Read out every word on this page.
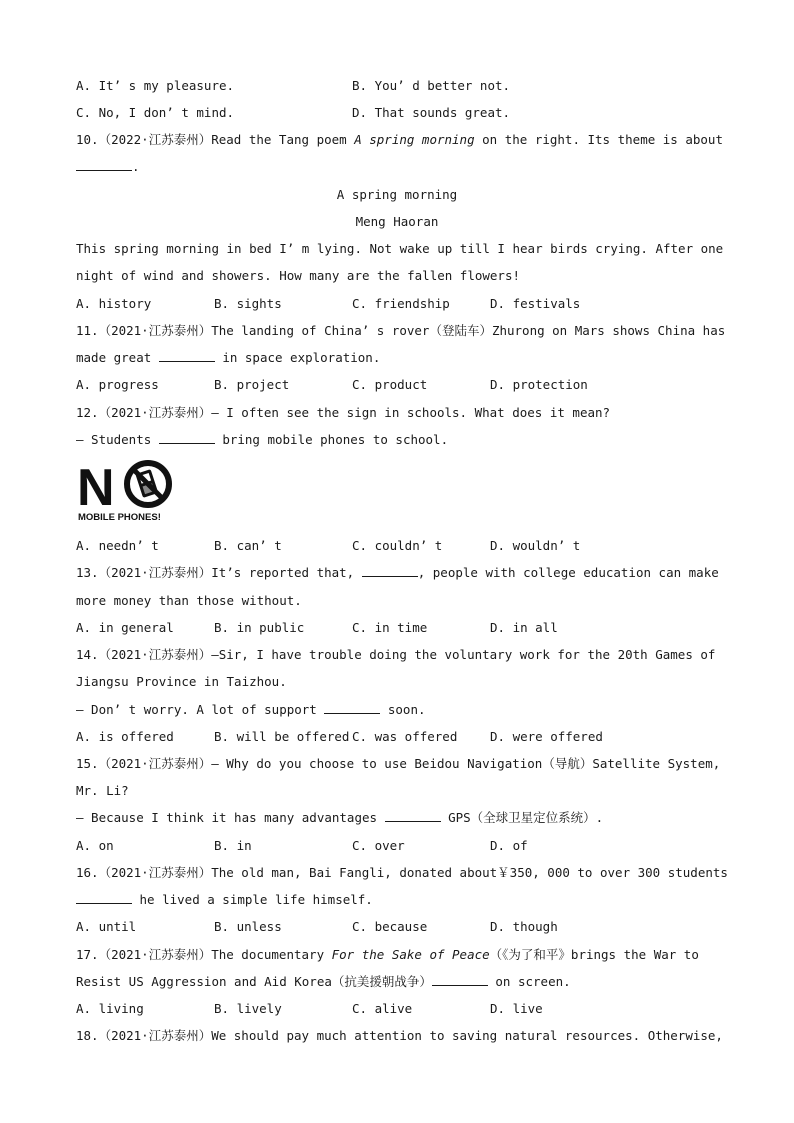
A. It’ s my pleasure.	B. You’ d better not.
C. No, I don’ t mind.	D. That sounds great.
10.（2022·江苏泰州）Read the Tang poem A spring morning on the right. Its theme is about
.
A spring morning
Meng Haoran
This spring morning in bed I’ m lying. Not wake up till I hear birds crying. After one
night of wind and showers. How many are the fallen flowers!
A. history	B. sights	C. friendship	D. festivals
11.（2021·江苏泰州）The landing of China’ s rover（登陆车）Zhurong on Mars shows China has
made great	in space exploration.
A. progress	B. project	C. product	D. protection
12.（2021·江苏泰州）— I often see the sign in schools. What does it mean?
— Students	bring mobile phones to school.
N
MOBILE PHONES!
A. needn’ t	B. can’ t	C. couldn’ t	D. wouldn’ t
13.（2021·江苏泰州）It’s reported that,	, people with college education can make
more money than those without.
A. in general	B. in public	C. in time	D. in all
14.（2021·江苏泰州）—Sir, I have trouble doing the voluntary work for the 20th Games of
Jiangsu Province in Taizhou.
— Don’ t worry. A lot of support	soon.
A. is offered	B. will be offered C. was offered	D. were offered
15.（2021·江苏泰州）— Why do you choose to use Beidou Navigation（导航）Satellite System,
Mr. Li?
— Because I think it has many advantages	GPS（全球卫星定位系统）.
A. on	B. in	C. over	D. of
16.（2021·江苏泰州）The old man, Bai Fangli, donated about￥350, 000 to over 300 students
he lived a simple life himself.
A. until	B. unless	C. because	D. though
17.（2021·江苏泰州）The documentary For the Sake of Peace（《为了和平》brings the War to
Resist US Aggression and Aid Korea（抗美援朝战争）	on screen.
A. living	B. lively	C. alive	D. live
18.（2021·江苏泰州）We should pay much attention to saving natural resources. Otherwise,
